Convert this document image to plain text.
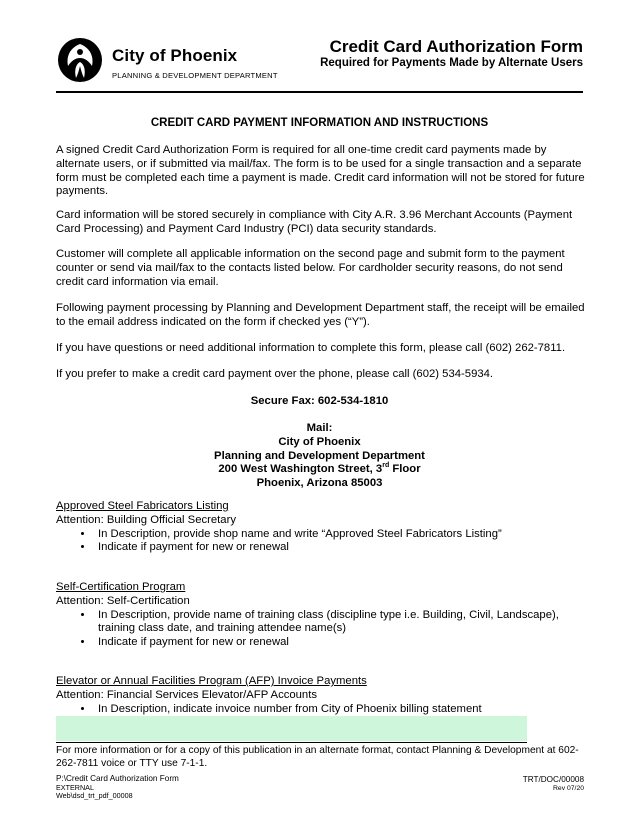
City of Phoenix
PLANNING & DEVELOPMENT DEPARTMENT
Credit Card Authorization Form
Required for Payments Made by Alternate Users
CREDIT CARD PAYMENT INFORMATION AND INSTRUCTIONS
A signed Credit Card Authorization Form is required for all one-time credit card payments made by alternate users, or if submitted via mail/fax. The form is to be used for a single transaction and a separate form must be completed each time a payment is made. Credit card information will not be stored for future payments.
Card information will be stored securely in compliance with City A.R. 3.96 Merchant Accounts (Payment Card Processing) and Payment Card Industry (PCI) data security standards.
Customer will complete all applicable information on the second page and submit form to the payment counter or send via mail/fax to the contacts listed below. For cardholder security reasons, do not send credit card information via email.
Following payment processing by Planning and Development Department staff, the receipt will be emailed to the email address indicated on the form if checked yes (“Y”).
If you have questions or need additional information to complete this form, please call (602) 262-7811.
If you prefer to make a credit card payment over the phone, please call (602) 534-5934.
Secure Fax: 602-534-1810
Mail:
City of Phoenix
Planning and Development Department
200 West Washington Street, 3rd Floor
Phoenix, Arizona 85003
Approved Steel Fabricators Listing
Attention: Building Official Secretary
• In Description, provide shop name and write “Approved Steel Fabricators Listing”
• Indicate if payment for new or renewal
Self-Certification Program
Attention: Self-Certification
• In Description, provide name of training class (discipline type i.e. Building, Civil, Landscape), training class date, and training attendee name(s)
• Indicate if payment for new or renewal
Elevator or Annual Facilities Program (AFP) Invoice Payments
Attention: Financial Services Elevator/AFP Accounts
• In Description, indicate invoice number from City of Phoenix billing statement
For more information or for a copy of this publication in an alternate format, contact Planning & Development at 602-262-7811 voice or TTY use 7-1-1.
P:\Credit Card Authorization Form
EXTERNAL
Web\dsd_trt_pdf_00008
TRT/DOC/00008
Rev 07/20
